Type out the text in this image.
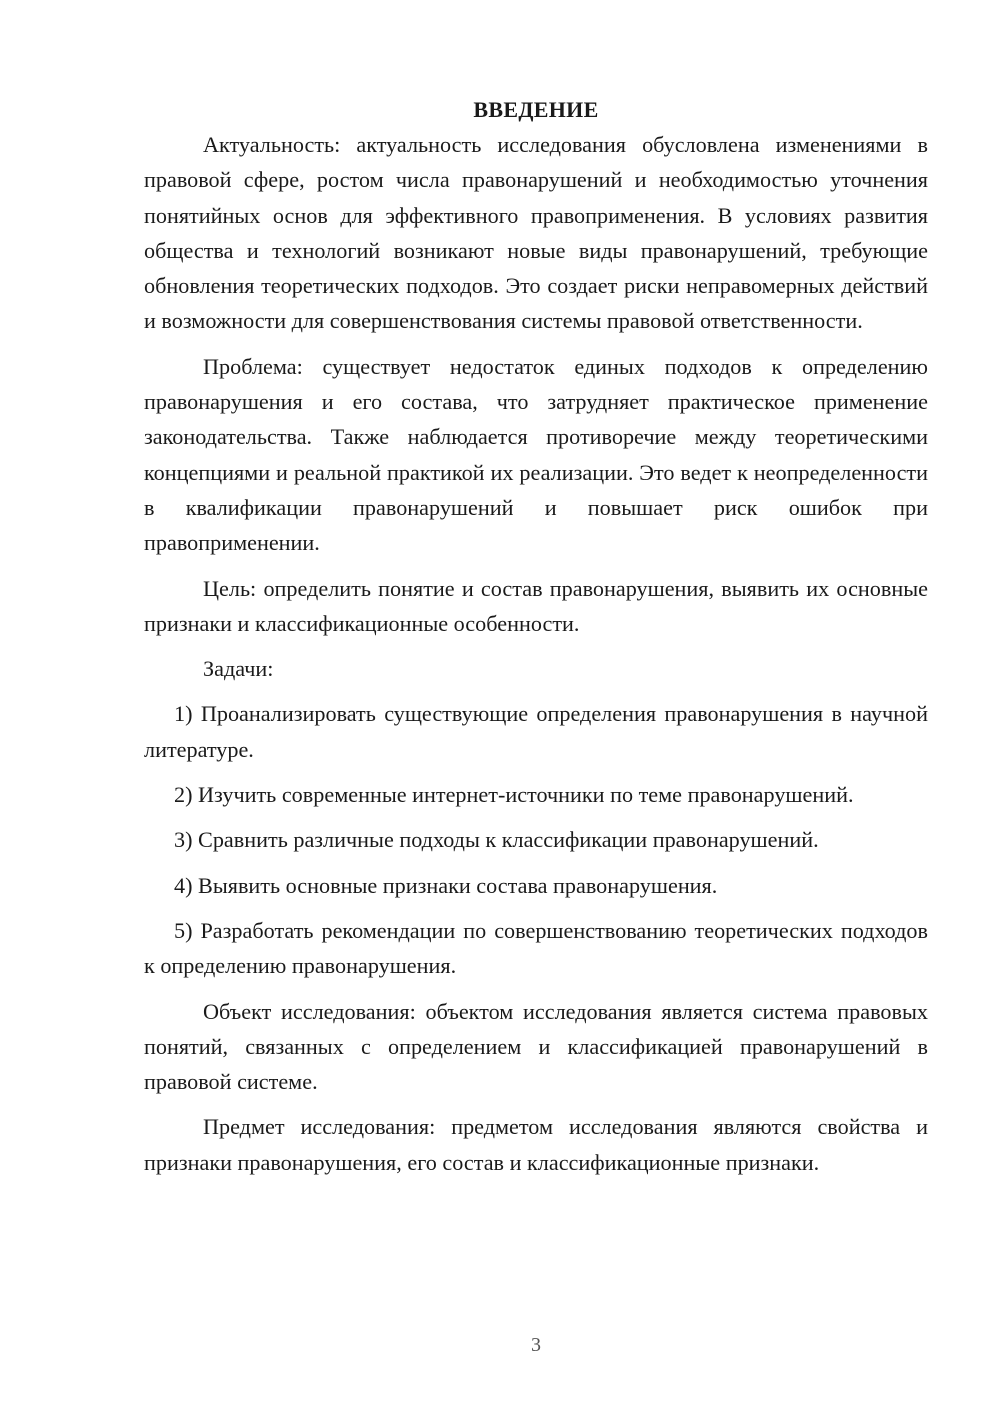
ВВЕДЕНИЕ

Актуальность: актуальность исследования обусловлена изменениями в правовой сфере, ростом числа правонарушений и необходимостью уточнения понятийных основ для эффективного правоприменения. В условиях развития общества и технологий возникают новые виды правонарушений, требующие обновления теоретических подходов. Это создает риски неправомерных действий и возможности для совершенствования системы правовой ответственности.

Проблема: существует недостаток единых подходов к определению правонарушения и его состава, что затрудняет практическое применение законодательства. Также наблюдается противоречие между теоретическими концепциями и реальной практикой их реализации. Это ведет к неопределенности в квалификации правонарушений и повышает риск ошибок при правоприменении.

Цель: определить понятие и состав правонарушения, выявить их основные признаки и классификационные особенности.

Задачи:

1) Проанализировать существующие определения правонарушения в научной литературе.

2) Изучить современные интернет-источники по теме правонарушений.

3) Сравнить различные подходы к классификации правонарушений.

4) Выявить основные признаки состава правонарушения.

5) Разработать рекомендации по совершенствованию теоретических подходов к определению правонарушения.

Объект исследования: объектом исследования является система правовых понятий, связанных с определением и классификацией правонарушений в правовой системе.

Предмет исследования: предметом исследования являются свойства и признаки правонарушения, его состав и классификационные признаки.

3
